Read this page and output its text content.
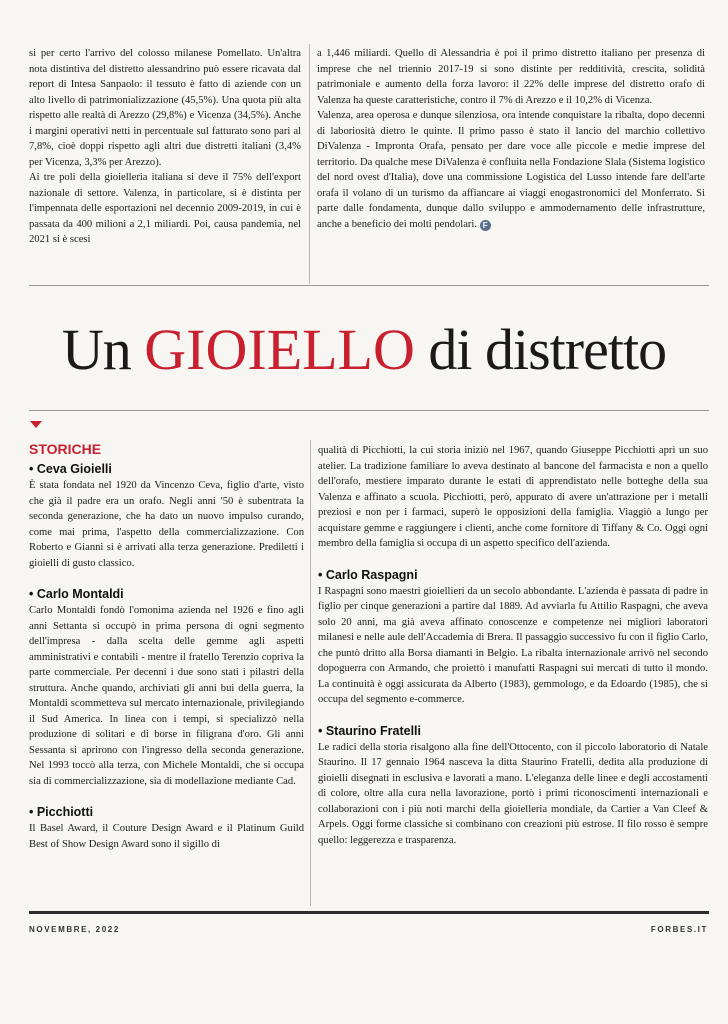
si per certo l'arrivo del colosso milanese Pomellato. Un'altra nota distintiva del distretto alessandrino può essere ricavata dal report di Intesa Sanpaolo: il tessuto è fatto di aziende con un alto livello di patrimonializzazione (45,5%). Una quota più alta rispetto alle realtà di Arezzo (29,8%) e Vicenza (34,5%). Anche i margini operativi netti in percentuale sul fatturato sono pari al 7,8%, cioè doppi rispetto agli altri due distretti italiani (3,4% per Vicenza, 3,3% per Arezzo).

Ai tre poli della gioielleria italiana si deve il 75% dell'export nazionale di settore. Valenza, in particolare, si è distinta per l'impennata delle esportazioni nel decennio 2009-2019, in cui è passata da 400 milioni a 2,1 miliardi. Poi, causa pandemia, nel 2021 si è scesi

a 1,446 miliardi. Quello di Alessandria è poi il primo distretto italiano per presenza di imprese che nel triennio 2017-19 si sono distinte per redditività, crescita, solidità patrimoniale e aumento della forza lavoro: il 22% delle imprese del distretto orafo di Valenza ha queste caratteristiche, contro il 7% di Arezzo e il 10,2% di Vicenza.

Valenza, area operosa e dunque silenziosa, ora intende conquistare la ribalta, dopo decenni di laboriosità dietro le quinte. Il primo passo è stato il lancio del marchio collettivo DiValenza - Impronta Orafa, pensato per dare voce alle piccole e medie imprese del territorio. Da qualche mese DiValenza è confluita nella Fondazione Slala (Sistema logistico del nord ovest d'Italia), dove una commissione Logistica del Lusso intende fare dell'arte orafa il volano di un turismo da affiancare ai viaggi enogastronomici del Monferrato. Si parte dalle fondamenta, dunque dallo sviluppo e ammodernamento delle infrastrutture, anche a beneficio dei molti pendolari. F

Un GIOIELLO di distretto
STORICHE

• Ceva Gioielli

È stata fondata nel 1920 da Vincenzo Ceva, figlio d'arte, visto che già il padre era un orafo. Negli anni '50 è subentrata la seconda generazione, che ha dato un nuovo impulso curando, come mai prima, l'aspetto della commercializzazione. Con Roberto e Gianni si è arrivati alla terza generazione. Prediletti i gioielli di gusto classico.

• Carlo Montaldi

Carlo Montaldi fondò l'omonima azienda nel 1926 e fino agli anni Settanta si occupò in prima persona di ogni segmento dell'impresa - dalla scelta delle gemme agli aspetti amministrativi e contabili - mentre il fratello Terenzio copriva la parte commerciale. Per decenni i due sono stati i pilastri della struttura. Anche quando, archiviati gli anni bui della guerra, la Montaldi scommetteva sul mercato internazionale, privilegiando il Sud America. In linea con i tempi, si specializzò nella produzione di solitari e di borse in filigrana d'oro. Gli anni Sessanta si aprirono con l'ingresso della seconda generazione. Nel 1993 toccò alla terza, con Michele Montaldi, che si occupa sia di commercializzazione, sia di modellazione mediante Cad.

• Picchiotti

Il Basel Award, il Couture Design Award e il Platinum Guild Best of Show Design Award sono il sigillo di

qualità di Picchiotti, la cui storia iniziò nel 1967, quando Giuseppe Picchiotti aprì un suo atelier. La tradizione familiare lo aveva destinato al bancone del farmacista e non a quello dell'orafo, mestiere imparato durante le estati di apprendistato nelle botteghe della sua Valenza e affinato a scuola. Picchiotti, però, appurato di avere un'attrazione per i metalli preziosi e non per i farmaci, superò le opposizioni della famiglia. Viaggiò a lungo per acquistare gemme e raggiungere i clienti, anche come fornitore di Tiffany & Co. Oggi ogni membro della famiglia si occupa di un aspetto specifico dell'azienda.

• Carlo Raspagni

I Raspagni sono maestri gioiellieri da un secolo abbondante. L'azienda è passata di padre in figlio per cinque generazioni a partire dal 1889. Ad avviarla fu Attilio Raspagni, che aveva solo 20 anni, ma già aveva affinato conoscenze e competenze nei migliori laboratori milanesi e nelle aule dell'Accademia di Brera. Il passaggio successivo fu con il figlio Carlo, che puntò dritto alla Borsa diamanti in Belgio. La ribalta internazionale arrivò nel secondo dopoguerra con Armando, che proiettò i manufatti Raspagni sui mercati di tutto il mondo. La continuità è oggi assicurata da Alberto (1983), gemmologo, e da Edoardo (1985), che si occupa del segmento e-commerce.

• Staurino Fratelli

Le radici della storia risalgono alla fine dell'Ottocento, con il piccolo laboratorio di Natale Staurino. Il 17 gennaio 1964 nasceva la ditta Staurino Fratelli, dedita alla produzione di gioielli disegnati in esclusiva e lavorati a mano. L'eleganza delle linee e degli accostamenti di colore, oltre alla cura nella lavorazione, portò i primi riconoscimenti internazionali e collaborazioni con i più noti marchi della gioielleria mondiale, da Cartier a Van Cleef & Arpels. Oggi forme classiche si combinano con creazioni più estrose. Il filo rosso è sempre quello: leggerezza e trasparenza.

NOVEMBRE, 2022	FORBES.IT
